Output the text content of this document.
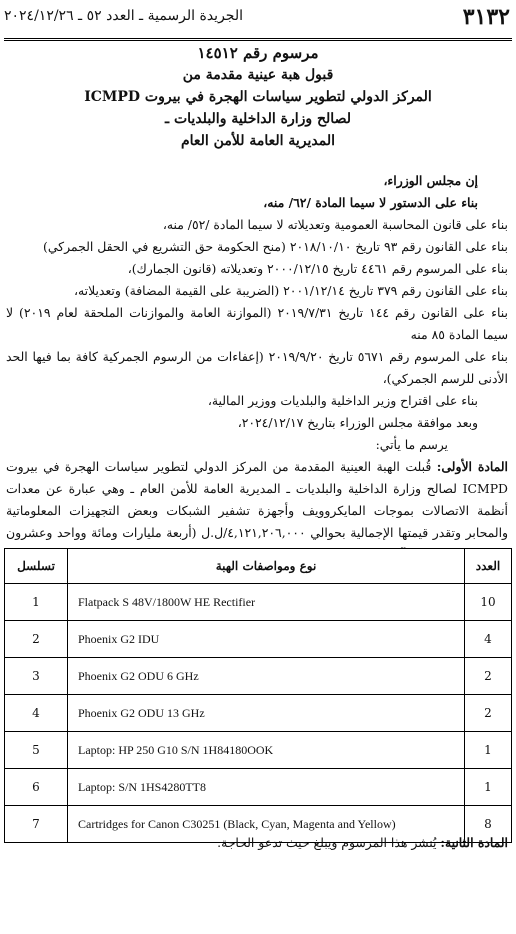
٣١٣٢
الجريدة الرسمية ـ العدد ٥٢ ـ ٢٠٢٤/١٢/٢٦
مرسوم رقم ١٤٥١٢
قبول هبة عينية مقدمة من
المركز الدولي لتطوير سياسات الهجرة في بيروت ICMPD
لصالح وزارة الداخلية والبلديات ـ
المديرية العامة للأمن العام

إن مجلس الوزراء،

بناء على الدستور لا سيما المادة /٦٢/ منه،

بناء على قانون المحاسبة العمومية وتعديلاته لا سيما المادة /٥٢/ منه،

بناء على القانون رقم ٩٣ تاريخ ٢٠١٨/١٠/١٠ (منح الحكومة حق التشريع في الحقل الجمركي)

بناء على المرسوم رقم ٤٤٦١ تاريخ ٢٠٠٠/١٢/١٥ وتعديلاته (قانون الجمارك)،

بناء على القانون رقم ٣٧٩ تاريخ ٢٠٠١/١٢/١٤ (الضريبة على القيمة المضافة) وتعديلاته،

بناء على القانون رقم ١٤٤ تاريخ ٢٠١٩/٧/٣١ (الموازنة العامة والموازنات الملحقة لعام ٢٠١٩) لا سيما المادة ٨٥ منه

بناء على المرسوم رقم ٥٦٧١ تاريخ ٢٠١٩/٩/٢٠ (إعفاءات من الرسوم الجمركية كافة بما فيها الحد الأدنى للرسم الجمركي)،

بناء على اقتراح وزير الداخلية والبلديات ووزير المالية،

وبعد موافقة مجلس الوزراء بتاريخ ٢٠٢٤/١٢/١٧،

يرسم ما يأتي:

المادة الأولى: قُبلت الهبة العينية المقدمة من المركز الدولي لتطوير سياسات الهجرة في بيروت ICMPD لصالح وزارة الداخلية والبلديات ـ المديرية العامة للأمن العام ـ وهي عبارة عن معدات أنظمة الاتصالات بموجات المايكروويف وأجهزة تشفير الشبكات وبعض التجهيزات المعلوماتية والمحابر وتقدر قيمتها الإجمالية بحوالي ٤,١٢١,٢٠٦,٠٠٠/ل.ل (أربعة مليارات ومائة وواحد وعشرون

العدد	نوع ومواصفات الهبة	تسلسل
10	Flatpack S 48V/1800W HE Rectifier	1
4	Phoenix G2 IDU	2
2	Phoenix G2 ODU 6 GHz	3
2	Phoenix G2 ODU 13 GHz	4
1	Laptop: HP 250 G10 S/N 1H84180OOK	5
1	Laptop: S/N 1HS4280TT8	6
8	Cartridges for Canon C30251 (Black, Cyan, Magenta and Yellow)	7

المادة الثانية: يُنشر هذا المرسوم ويبلغ حيث تدعو الحاجة.
